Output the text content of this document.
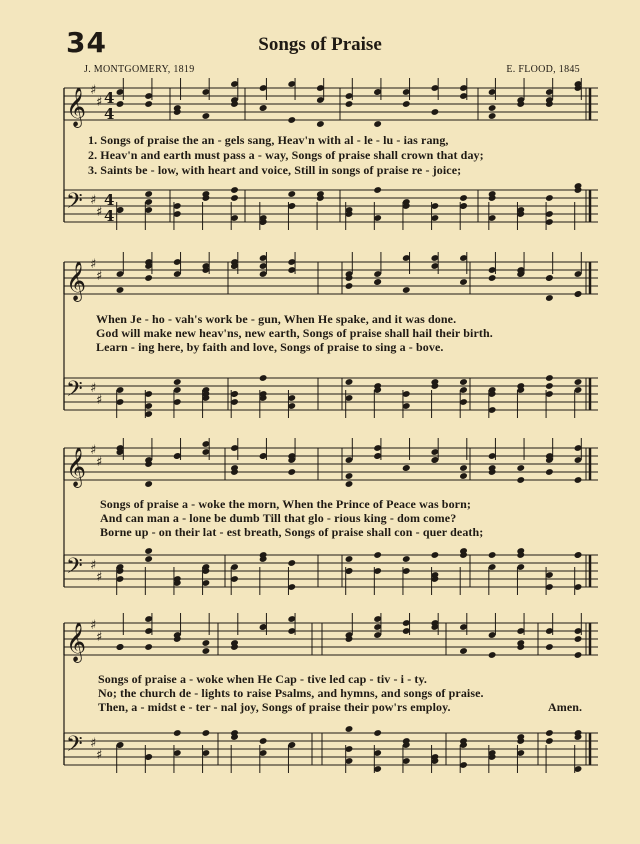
34	Songs of Praise
J. MONTGOMERY, 1819	E. FLOOD, 1845
𝄞 ♯
♯ 4
4
𝄢 ♯
♯
4
4
𝄞 ♯
♯
𝄢 ♯
♯
𝄞 ♯
♯
𝄢 ♯
♯
𝄞 ♯
♯
𝄢 ♯
♯
1. Songs of praise the an - gels sang, Heav'n with al - le - lu - ias rang,
2. Heav'n and earth must pass a - way, Songs of praise shall crown that day;
3. Saints be - low, with heart and voice, Still in songs of praise re - joice;
When Je - ho - vah's work be - gun, When He spake, and it was done.
God will make new heav'ns, new earth, Songs of praise shall hail their birth.
Learn - ing here, by faith and love, Songs of praise to sing a - bove.
Songs of praise a - woke the morn, When the Prince of Peace was born;
And can man a - lone be dumb Till that glo - rious king - dom come?
Borne up - on their lat - est breath, Songs of praise shall con - quer death;
Songs of praise a - woke when He Cap - tive led cap - tiv - i - ty.
No; the church de - lights to raise Psalms, and hymns, and songs of praise.
Then, a - midst e - ter - nal joy, Songs of praise their pow'rs employ.	Amen.
